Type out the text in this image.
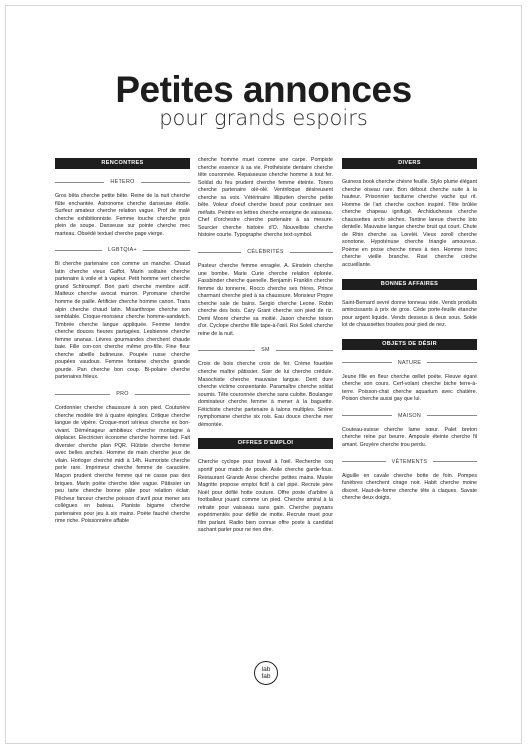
Petites annonces
pour grands espoirs
RENCONTRES
HETERO
Gros bêta cherche petite bête. Reine de la nuit cherche flûte enchantée. Astronome cherche danseuse étoile. Surfeur amateur cherche relation vague. Prof de malé cherche exhibitionniste. Femme louche cherche gros plein de soupe. Danseuse sur pointe cherche mec marteau. Obsédé textuel cherche page vierge.
LGBTQIA+
Bi cherche partenaire con comme un manche. Chaud latin cherche vieux Gaffot. Marin solitaire cherche partenaire à voile et à vapeur. Petit homme vert cherche grand Schtroumpf. Bon parti cherche membre actif. Matteux cherche avocat marron. Pyromane cherche homme de paille. Artificier cherche homme canon. Trans alpin cherche chaud latin. Misanthrope cherche son semblable. Croque-monsieur cherche homme-sandwich. Timbrée cherche langue appliquée. Femme tendre cherche douces heures partagées. Lesbienne cherche femme ananas. Lèvres gourmandes cherchent chaude baie. Fille con-con cherche même pro-fille. Fine fleur cherche abeille butineuse. Poupée russe cherche poupées vaudous. Femme fontaine cherche grande gourde. Pan cherche bon coup. Bi-polaire cherche partenaires frileux.
PRO
Cordonnier cherche chaussure à son pied. Couturière cherche modèle tiré à quatre épingles. Critique cherche langue de vipère. Croque-mort sérieux cherche ex bon-vivant. Déménageur ambitieux cherche montagne à déplacer. Electricien économe cherche homme ted. Fait diversier cherche plan PQR. Flûtiste cherche femme avec belles anches. Homme de main cherche jeux de vilain. Horloger cherché midi à 14h. Humoriste cherche perle rare. Imprimeur cherche femme de caractère. Maçon prudent cherche femme qui ne casse pas des briques. Marin poète cherche idée vague. Pâtissier un peu tarte cherche bonne pâte pour relation éclair. Pêcheur farceur cherche poisson d'avril pour mener ses collègues en bateau. Pianiste bigame cherche partenaires pour jeu à six mains. Poète fauché cherche rime riche. Poissonnière affable
cherche homme muet comme une carpe. Pompiste cherche essence à sa vie. Prothésiste dentaire cherche tête couronnée. Repasseuse cherche homme à tout fer. Soldat du feu prudent cherche femme éteinte. Torero cherche partenaire olé-olé. Ventriloque désireusent cherche sa voix. Vétérinaire lilliputien cherche petite bête. Voleur d'oeuf cherche boeuf pour continuer ses méfaits. Peintre en lettres cherche enseigne de vaisseau. Chef d'orchestre cherche partenaire à sa mesure. Sourcier cherche histoire d'O. Nouvelliste cherche histoire courte. Typographe cherche text-symbol.
CÉLÉBRITÉS
Pasteur cherche femme enragée. A. Einstein cherche une bombe. Marie Curie cherche relation éplorée. Fassbinder cherche quenelle. Benjamin Franklin cherche femme du tonnerre. Rocco cherche ses frères. Prince charmant cherche pied à sa chaussure. Monsieur Propre cherche sale de bains. Sergio cherche Leone. Robin cherche des bois. Cary Grant cherche son pied de riz. Demi Moore cherche sa moitié. Jason cherche toison d'or. Cyclope cherche fille tape-à-l'œil. Roi Soleil cherche reine de la nuit.
SM
Croix de bois cherche croix de fer. Crème fouettée cherche maître pâtissier. Sœr de lui cherche crédule. Masochiste cherche mauvaise langue. Dent dure cherche victime consentante. Paramaître cherche soldat soumis. Tête couronnée cherche sans culotte. Boulanger dominateur cherche femme à mener à la baguette. Fétichiste cherche partenaire à talons multiples. Sirène nymphomane cherche six rois. Eau douce cherche mer démontée.
OFFRES D'EMPLOI
Cherche cyclope pour travail à l'œil. Recherche coq sportif pour match de poule. Asile cherche garde-fous. Restaurant Grande Anse cherche petites mains. Musée Magritte propose emploi fictif à ciel pipé. Recrute père Noël pour défilé hotte couture. Offre poste d'arbitre à footballeur jouant comme un pied. Cherche amiral à la retraite pour vaisseau sans gain. Cherche paysans expérimentés pour défilé de motte. Recrute muet pour film parlant. Radio bien connue offre poste à candidat sachant parler pour ne rien dire.
DIVERS
Guiness book cherche chèvre feuille. Stylo plume élégant cherche oiseau rare. Bon débout cherche suite à la hauteur. Prisonnier taciturne cherche vache qui rit. Homme de l'art cherche cochon inspiré. Tête brûlée cherche chapeau ignifugé. Archiduchesse cherche chaussettes archi sèches. Tantine lareue cherche loto dentelle. Mauvaise langue cherche bruit qui court. Chute de Rhin cherche sa Loreléi. Vieux zorolI cherche sonotone. Hypoténuse cherche triangle amoureux. Poème en prose cherche rimes à rien. Homme tronc cherche vieille branche. Ravi cherche crèche accueillante.
BONNES AFFAIRES
Saint-Bernard sevré donne tonneau vide. Vends produits amincissants à prix de gros. Cède porte-feuille étanche pour argent liquide. Vends desseus à deux sous. Solde lot de chaussettes trouées pour pied de nez.
OBJETS DE DÉSIR
NATURE
Jeune fille en fleur cherche œillet poète. Fleuve égaré cherche son cours. Cerf-volant cherche biche terre-à-terre. Poisson-chat cherche aquarium avec chatière. Poison cherche aussi gay que lui.
MAISON
Couteau-suisse cherche lame sœur. Palet breton cherche reine pur beurre. Ampoule éteinte cherche fil amant. Gruyère cherche trou perdu.
VÊTEMENTS
Aiguille en cavale cherche botte de foin. Pompes funèbres cherchent cirage noir. Habit cherche moine discret. Haut-de-forme cherche tête à claques. Savate cherche deux doigts.
lab
fab
